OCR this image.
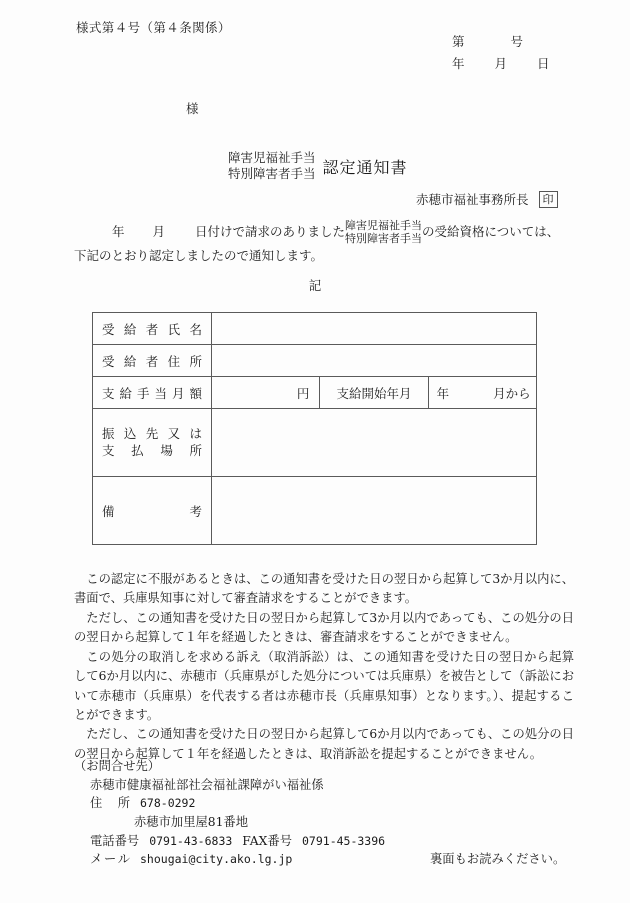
様式第４号（第４条関係）
第	号
年 月 日
様
障害児福祉手当
特別障害者手当 認定通知書
赤穂市福祉事務所長	印
年 月 日付けで請求のありました 障害児福祉手当
特別障害者手当 の受給資格については、
下記のとおり認定しましたので通知します。
記
受給者氏名			
受給者住所			
支給手当月額	円	支給開始年月	年 月から

振込先又は
支払場所			

備考			

この認定に不服があるときは、この通知書を受けた日の翌日から起算して3か月以内に、書面で、兵庫県知事に対して審査請求をすることができます。

ただし、この通知書を受けた日の翌日から起算して3か月以内であっても、この処分の日の翌日から起算して１年を経過したときは、審査請求をすることができません。

この処分の取消しを求める訴え（取消訴訟）は、この通知書を受けた日の翌日から起算して6か月以内に、赤穂市（兵庫県がした処分については兵庫県）を被告として（訴訟において赤穂市（兵庫県）を代表する者は赤穂市長（兵庫県知事）となります。）、提起することができます。

ただし、この通知書を受けた日の翌日から起算して6か月以内であっても、この処分の日の翌日から起算して１年を経過したときは、取消訴訟を提起することができません。

（お問合せ先）
赤穂市健康福祉部社会福祉課障がい福祉係
住所 678-0292
赤穂市加里屋81番地
電話番号 0791-43-6833 FAX番号 0791-45-3396
メール shougai@city.ako.lg.jp	裏面もお読みください。
